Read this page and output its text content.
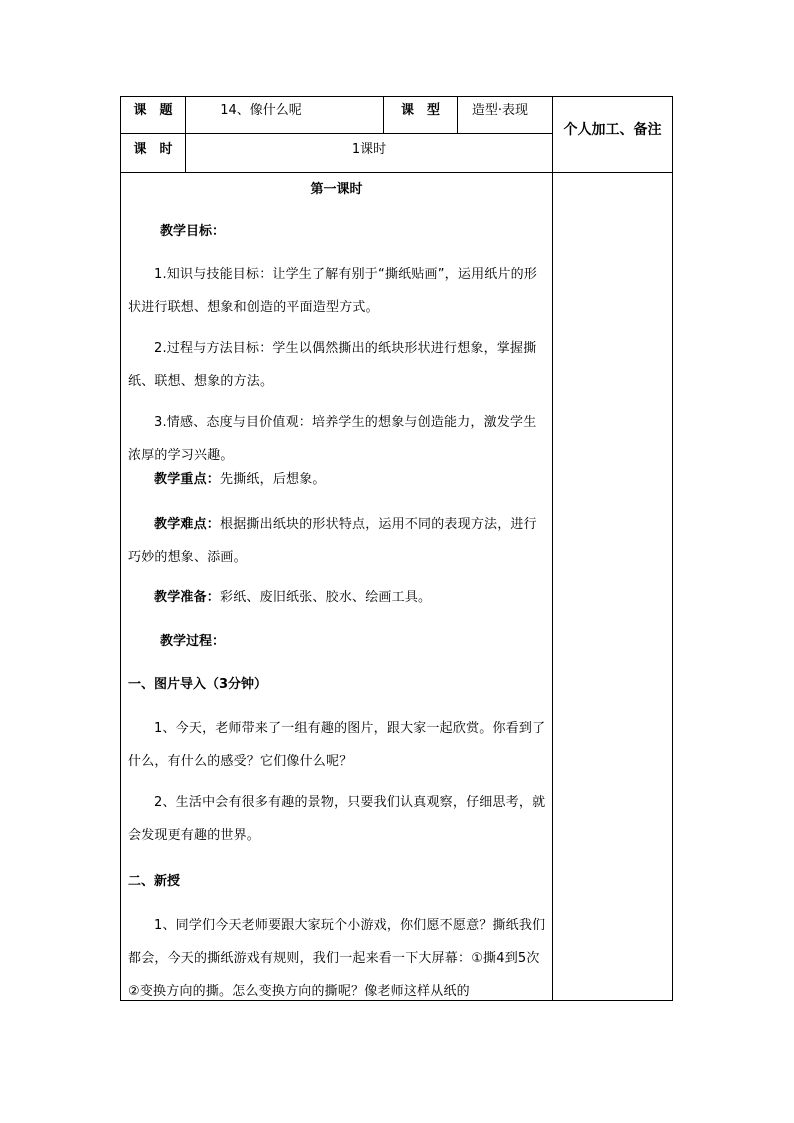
课　题	14、像什么呢	课　型	造型·表现
课　时	1课时
个人加工、备注
第一课时
教学目标：
1.知识与技能目标：让学生了解有别于“撕纸贴画”，运用纸片的形状进行联想、想象和创造的平面造型方式。
2.过程与方法目标：学生以偶然撕出的纸块形状进行想象，掌握撕纸、联想、想象的方法。
3.情感、态度与目价值观：培养学生的想象与创造能力，激发学生浓厚的学习兴趣。
教学重点：先撕纸，后想象。
教学难点：根据撕出纸块的形状特点，运用不同的表现方法，进行巧妙的想象、添画。
教学准备：彩纸、废旧纸张、胶水、绘画工具。
教学过程：
一、图片导入（3分钟）
1、今天，老师带来了一组有趣的图片，跟大家一起欣赏。你看到了什么，有什么的感受？它们像什么呢？
2、生活中会有很多有趣的景物，只要我们认真观察，仔细思考，就会发现更有趣的世界。
二、新授
1、同学们今天老师要跟大家玩个小游戏，你们愿不愿意？撕纸我们都会，今天的撕纸游戏有规则，我们一起来看一下大屏幕：①撕4到5次 ②变换方向的撕。怎么变换方向的撕呢？像老师这样从纸的
